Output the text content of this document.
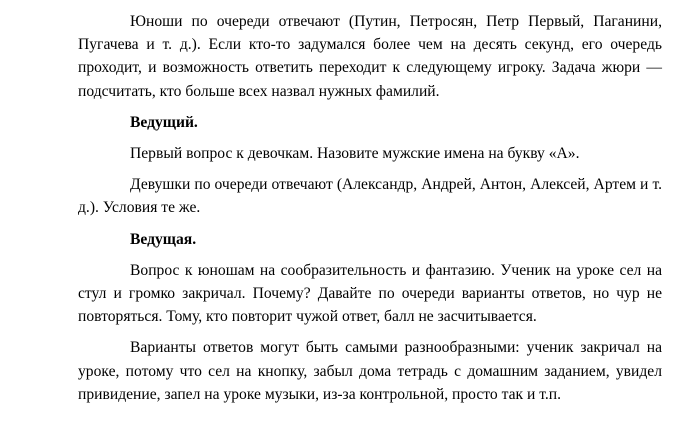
Юноши по очереди отвечают (Путин, Петросян, Петр Первый, Паганини, Пугачева и т. д.). Если кто-то задумался более чем на десять секунд, его очередь проходит, и возможность ответить переходит к следующему игроку. Задача жюри — подсчитать, кто больше всех назвал нужных фамилий.

Ведущий.

Первый вопрос к девочкам. Назовите мужские имена на букву «А».

Девушки по очереди отвечают (Александр, Андрей, Антон, Алексей, Артем и т. д.). Условия те же.

Ведущая.

Вопрос к юношам на сообразительность и фантазию. Ученик на уроке сел на стул и громко закричал. Почему? Давайте по очереди варианты ответов, но чур не повторяться. Тому, кто повторит чужой ответ, балл не засчитывается.

Варианты ответов могут быть самыми разнообразными: ученик закричал на уроке, потому что сел на кнопку, забыл дома тетрадь с домашним заданием, увидел привидение, запел на уроке музыки, из-за контрольной, просто так и т.п.
